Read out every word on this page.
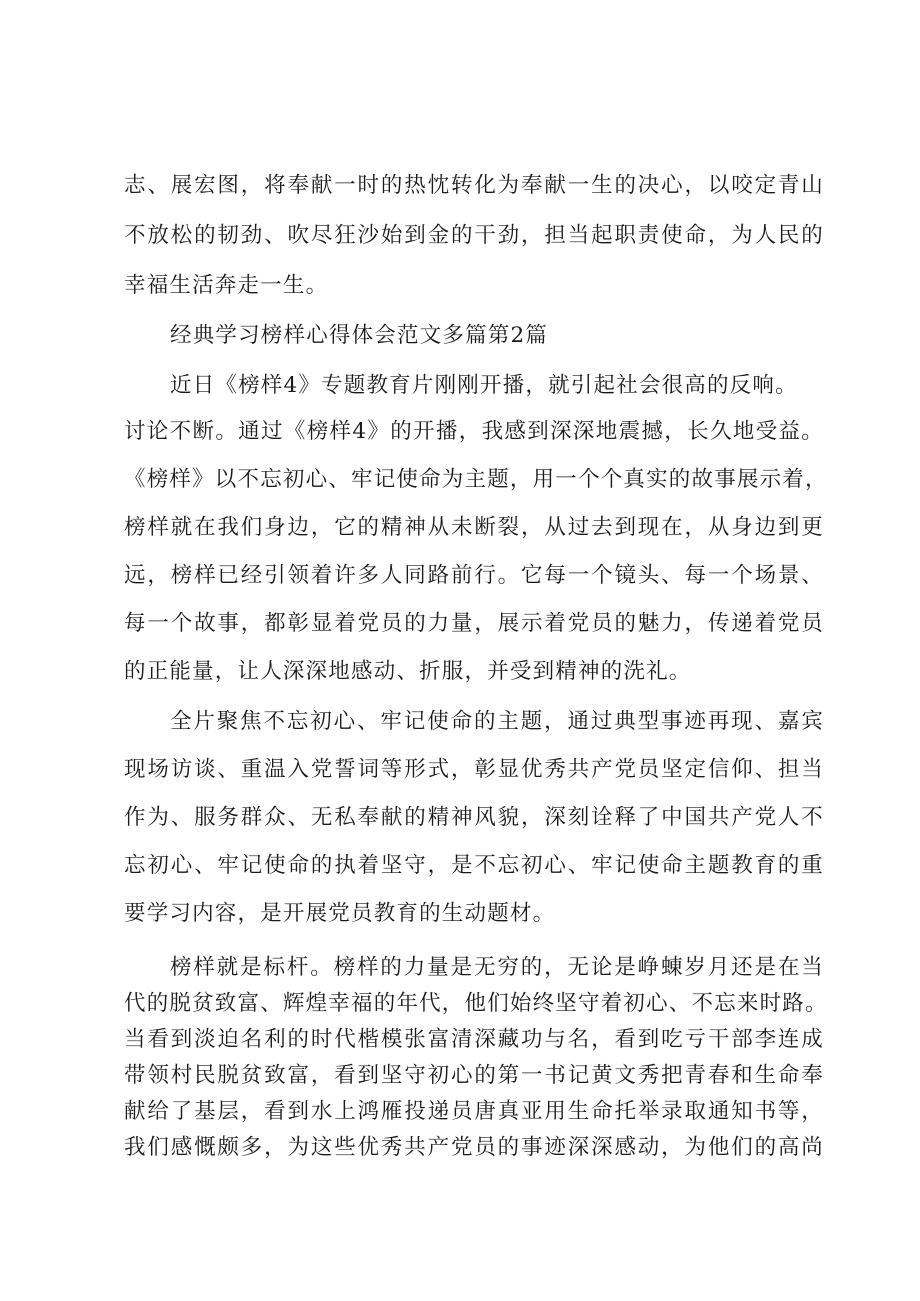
志、展宏图，将奉献一时的热忱转化为奉献一生的决心，以咬定青山

不放松的韧劲、吹尽狂沙始到金的干劲，担当起职责使命，为人民的

幸福生活奔走一生。

经典学习榜样心得体会范文多篇第2篇

近日《榜样4》专题教育片刚刚开播，就引起社会很高的反响。

讨论不断。通过《榜样4》的开播，我感到深深地震撼，长久地受益。

《榜样》以不忘初心、牢记使命为主题，用一个个真实的故事展示着，

榜样就在我们身边，它的精神从未断裂，从过去到现在，从身边到更

远，榜样已经引领着许多人同路前行。它每一个镜头、每一个场景、

每一个故事，都彰显着党员的力量，展示着党员的魅力，传递着党员

的正能量，让人深深地感动、折服，并受到精神的洗礼。

全片聚焦不忘初心、牢记使命的主题，通过典型事迹再现、嘉宾

现场访谈、重温入党誓词等形式，彰显优秀共产党员坚定信仰、担当

作为、服务群众、无私奉献的精神风貌，深刻诠释了中国共产党人不

忘初心、牢记使命的执着坚守，是不忘初心、牢记使命主题教育的重

要学习内容，是开展党员教育的生动题材。

榜样就是标杆。榜样的力量是无穷的，无论是峥蝀岁月还是在当

代的脱贫致富、辉煌幸福的年代，他们始终坚守着初心、不忘来时路。

当看到淡迫名利的时代楷模张富清深藏功与名，看到吃亏干部李连成

带领村民脱贫致富，看到坚守初心的第一书记黄文秀把青春和生命奉

献给了基层，看到水上鸿雁投递员唐真亚用生命托举录取通知书等，

我们感慨颇多，为这些优秀共产党员的事迹深深感动，为他们的高尚
